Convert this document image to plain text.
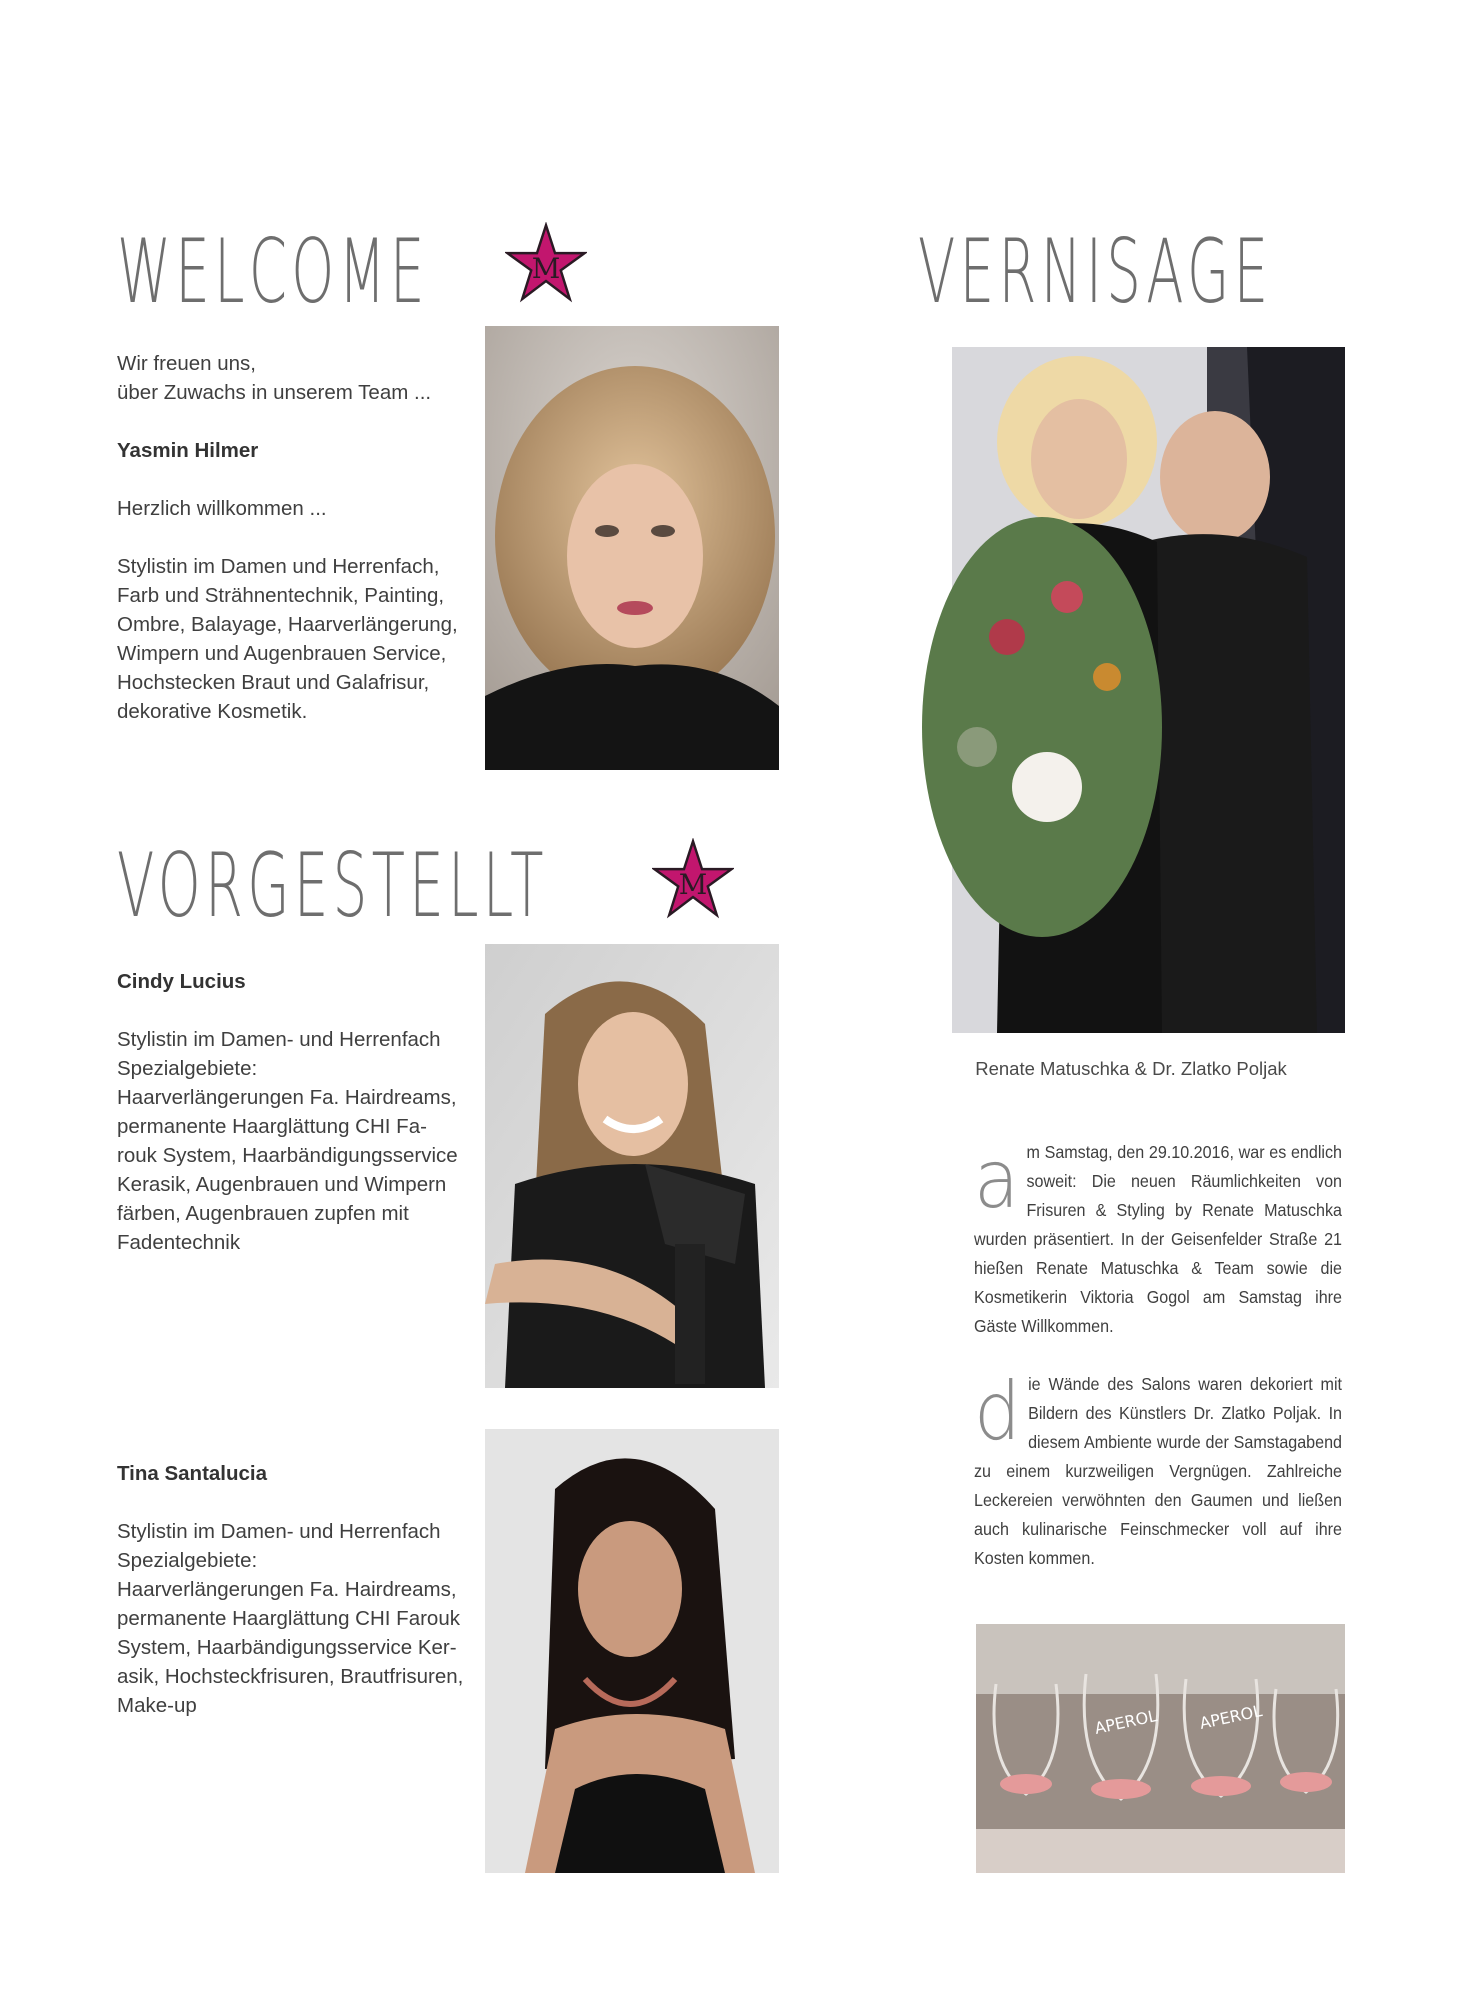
WELCOME	M	VERNISAGE

Wir freuen uns,

über Zuwachs in unserem Team ...

Yasmin Hilmer

Herzlich willkommen ...

Stylistin im Damen und Herrenfach,

Farb und Strähnentechnik, Painting,

Ombre, Balayage, Haarverlängerung,

Wimpern und Augenbrauen Service,

Hochstecken Braut und Galafrisur,

dekorative Kosmetik.

VORGESTELLT	M

Cindy Lucius

Stylistin im Damen- und Herrenfach

Spezialgebiete:

Haarverlängerungen Fa. Hairdreams,

permanente Haarglättung CHI Fa-

rouk System, Haarbändigungsservice

Kerasik, Augenbrauen und Wimpern

färben, Augenbrauen zupfen mit

Fadentechnik

Tina Santalucia

Stylistin im Damen- und Herrenfach

Spezialgebiete:

Haarverlängerungen Fa. Hairdreams,

permanente Haarglättung CHI Farouk

System, Haarbändigungsservice Ker-

asik, Hochsteckfrisuren, Brautfrisuren,

Make-up

Renate Matuschka & Dr. Zlatko Poljak
a m Samstag, den 29.10.2016, war es endlich soweit: Die neuen Räumlichkeiten von Frisuren & Styling by Renate Matuschka wurden präsentiert. In der Geisenfelder Straße 21 hießen Renate Matuschka & Team sowie die Kosmetikerin Viktoria Gogol am Samstag ihre Gäste Willkommen.
d ie Wände des Salons waren dekoriert mit Bildern des Künstlers Dr. Zlatko Poljak. In diesem Ambiente wurde der Samstagabend zu einem kurzweiligen Vergnügen. Zahlreiche Leckereien verwöhnten den Gaumen und ließen auch kulinarische Feinschmecker voll auf ihre Kosten kommen.
APEROL APEROL
